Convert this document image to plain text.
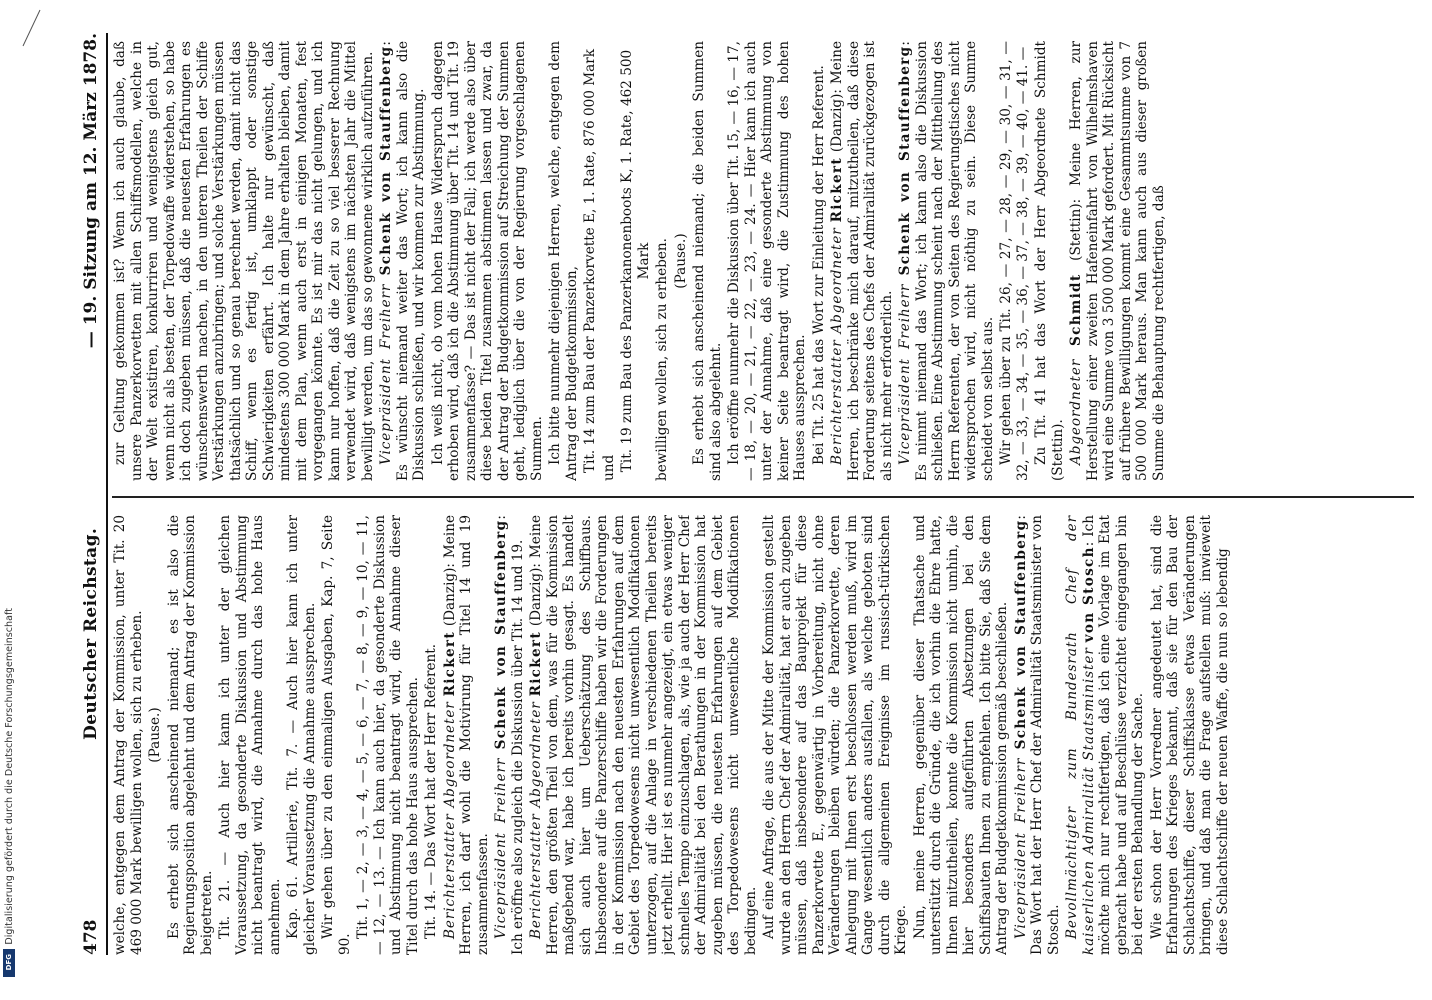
Digitalisierung gefördert durch die Deutsche Forschungsgemeinschaft
DFG
478
Deutscher Reichstag.
— 19. Sitzung am 12. März 1878.

welche, entgegen dem Antrag der Kommission, unter Tit. 20 469 000 Mark bewilligen wollen, sich zu erheben. (Pause.) Es erhebt sich anscheinend niemand; es ist also die Regierungsposition abgelehnt und dem Antrag der Kommission beigetreten. Tit. 21. — Auch hier kann ich unter der gleichen Voraussetzung, da gesonderte Diskussion und Abstimmung nicht beantragt wird, die Annahme durch das hohe Haus annehmen. Kap. 61. Artillerie, Tit. 7. — Auch hier kann ich unter gleicher Voraussetzung die Annahme aussprechen. Wir gehen über zu den einmaligen Ausgaben, Kap. 7, Seite 90.

Tit. 1, — 2, — 3, — 4, — 5, — 6, — 7, — 8, — 9, — 10, — 11, — 12, — 13. — Ich kann auch hier, da gesonderte Diskussion und Abstimmung nicht beantragt wird, die Annahme dieser Titel durch das hohe Haus aussprechen. Tit. 14. — Das Wort hat der Herr Referent. Berichterstatter Abgeordneter Rickert (Danzig): Meine Herren, ich darf wohl die Motivirung für Titel 14 und 19 zusammenfassen. Vicepräsident Freiherr Schenk von Stauffenberg: Ich eröffne also zugleich die Diskussion über Tit. 14 und 19. Berichterstatter Abgeordneter Rickert (Danzig): Meine Herren, den größten Theil von dem, was für die Kommission maßgebend war, habe ich bereits vorhin gesagt. Es handelt sich auch hier um Ueberschätzung des Schiffbaus. Insbesondere auf die Panzerschiffe haben wir die Forderungen in der Kommission nach den neuesten Erfahrungen auf dem Gebiet des Torpedowesens nicht unwesentlich Modifikationen unterzogen, auf die Anlage in verschiedenen Theilen bereits jetzt erhellt. Hier ist es nunmehr angezeigt, ein etwas weniger schnelles Tempo einzuschlagen, als, wie ja auch der Herr Chef der Admiralität bei den Berathungen in der Kommission hat zugeben müssen, die neuesten Erfahrungen auf dem Gebiet des Torpedowesens nicht unwesentliche Modifikationen bedingen. Auf eine Anfrage, die aus der Mitte der Kommission gestellt wurde an den Herrn Chef der Admiralität, hat er auch zugeben müssen, daß insbesondere auf das Bauprojekt für diese Panzerkorvette E., gegenwärtig in Vorbereitung, nicht ohne Veränderungen bleiben würden; die Panzerkorvette, deren Anlegung mit Ihnen erst beschlossen werden muß, wird im Gange wesentlich anders ausfallen, als welche geboten sind durch die allgemeinen Ereignisse im russisch-türkischen Kriege. Nun, meine Herren, gegenüber dieser Thatsache und unterstützt durch die Gründe, die ich vorhin die Ehre hatte, Ihnen mitzutheilen, konnte die Kommission nicht umhin, die hier besonders aufgeführten Absetzungen bei den Schiffsbauten Ihnen zu empfehlen. Ich bitte Sie, daß Sie dem Antrag der Budgetkommission gemäß beschließen. Vicepräsident Freiherr Schenk von Stauffenberg: Das Wort hat der Herr Chef der Admiralität Staatsminister von Stosch. Bevollmächtigter zum Bundesrath Chef der kaiserlichen Admiralität Staatsminister von Stosch: Ich möchte mich nur rechtfertigen, daß ich eine Vorlage im Etat gebracht habe und auf Beschlüsse verzichtet eingegangen bin bei der ersten Behandlung der Sache. Wie schon der Herr Vorredner angedeutet hat, sind die Erfahrungen des Krieges bekannt, daß sie für den Bau der Schlachtschiffe, dieser Schiffsklasse etwas Veränderungen bringen, und daß man die Frage aufstellen muß: inwieweit diese Schlachtschiffe der neuen Waffe, die nun so lebendig

zur Geltung gekommen ist? Wenn ich auch glaube, daß unsere Panzerkorvetten mit allen Schiffsmodellen, welche in der Welt existiren, konkurriren und wenigstens gleich gut, wenn nicht als besten, der Torpedowaffe widerstehen, so habe ich doch zugeben müssen, daß die neuesten Erfahrungen es wünschenswerth machen, in den unteren Theilen der Schiffe Verstärkungen anzubringen; und solche Verstärkungen müssen thatsächlich und so genau berechnet werden, damit nicht das Schiff, wenn es fertig ist, umklappt oder sonstige Schwierigkeiten erfährt. Ich halte nur gewünscht, daß mindestens 300 000 Mark in dem Jahre erhalten bleiben, damit mit dem Plan, wenn auch erst in einigen Monaten, fest vorgegangen könnte. Es ist mir das nicht gelungen, und ich kann nur hoffen, daß die Zeit zu so viel besserer Rechnung verwendet wird, daß wenigstens im nächsten Jahr die Mittel bewilligt werden, um das so gewonnene wirklich aufzuführen. Vicepräsident Freiherr Schenk von Stauffenberg: Es wünscht niemand weiter das Wort; ich kann also die Diskussion schließen, und wir kommen zur Abstimmung. Ich weiß nicht, ob vom hohen Hause Widerspruch dagegen erhoben wird, daß ich die Abstimmung über Tit. 14 und Tit. 19 zusammenfasse? — Das ist nicht der Fall; ich werde also über diese beiden Titel zusammen abstimmen lassen und zwar, da der Antrag der Budgetkommission auf Streichung der Summen geht, lediglich über die von der Regierung vorgeschlagenen Summen. Ich bitte nunmehr diejenigen Herren, welche, entgegen dem Antrag der Budgetkommission, Tit. 14 zum Bau der Panzerkorvette E, 1. Rate, 876 000 Mark und Tit. 19 zum Bau des Panzerkanonenboots K, 1. Rate, 462 500 Mark bewilligen wollen, sich zu erheben. (Pause.) Es erhebt sich anscheinend niemand; die beiden Summen sind also abgelehnt. Ich eröffne nunmehr die Diskussion über Tit. 15, — 16, — 17, — 18, — 20, — 21, — 22, — 23, — 24. — Hier kann ich auch unter der Annahme, daß eine gesonderte Abstimmung von keiner Seite beantragt wird, die Zustimmung des hohen Hauses aussprechen. Bei Tit. 25 hat das Wort zur Einleitung der Herr Referent. Berichterstatter Abgeordneter Rickert (Danzig): Meine Herren, ich beschränke mich darauf, mitzutheilen, daß diese Forderung seitens des Chefs der Admiralität zurückgezogen ist als nicht mehr erforderlich. Vicepräsident Freiherr Schenk von Stauffenberg: Es nimmt niemand das Wort; ich kann also die Diskussion schließen. Eine Abstimmung scheint nach der Mittheilung des Herrn Referenten, der von Seiten des Regierungstisches nicht widersprochen wird, nicht nöthig zu sein. Diese Summe scheidet von selbst aus. Wir gehen über zu Tit. 26, — 27, — 28, — 29, — 30, — 31, — 32, — 33, — 34, — 35, — 36, — 37, — 38, — 39, — 40, — 41. — Zu Tit. 41 hat das Wort der Herr Abgeordnete Schmidt (Stettin). Abgeordneter Schmidt (Stettin): Meine Herren, zur Herstellung einer zweiten Hafeneinfahrt von Wilhelmshaven wird eine Summe von 3 500 000 Mark gefordert. Mit Rücksicht auf frühere Bewilligungen kommt eine Gesammtsumme von 7 500 000 Mark heraus. Man kann auch aus dieser großen Summe die Behauptung rechtfertigen, daß
